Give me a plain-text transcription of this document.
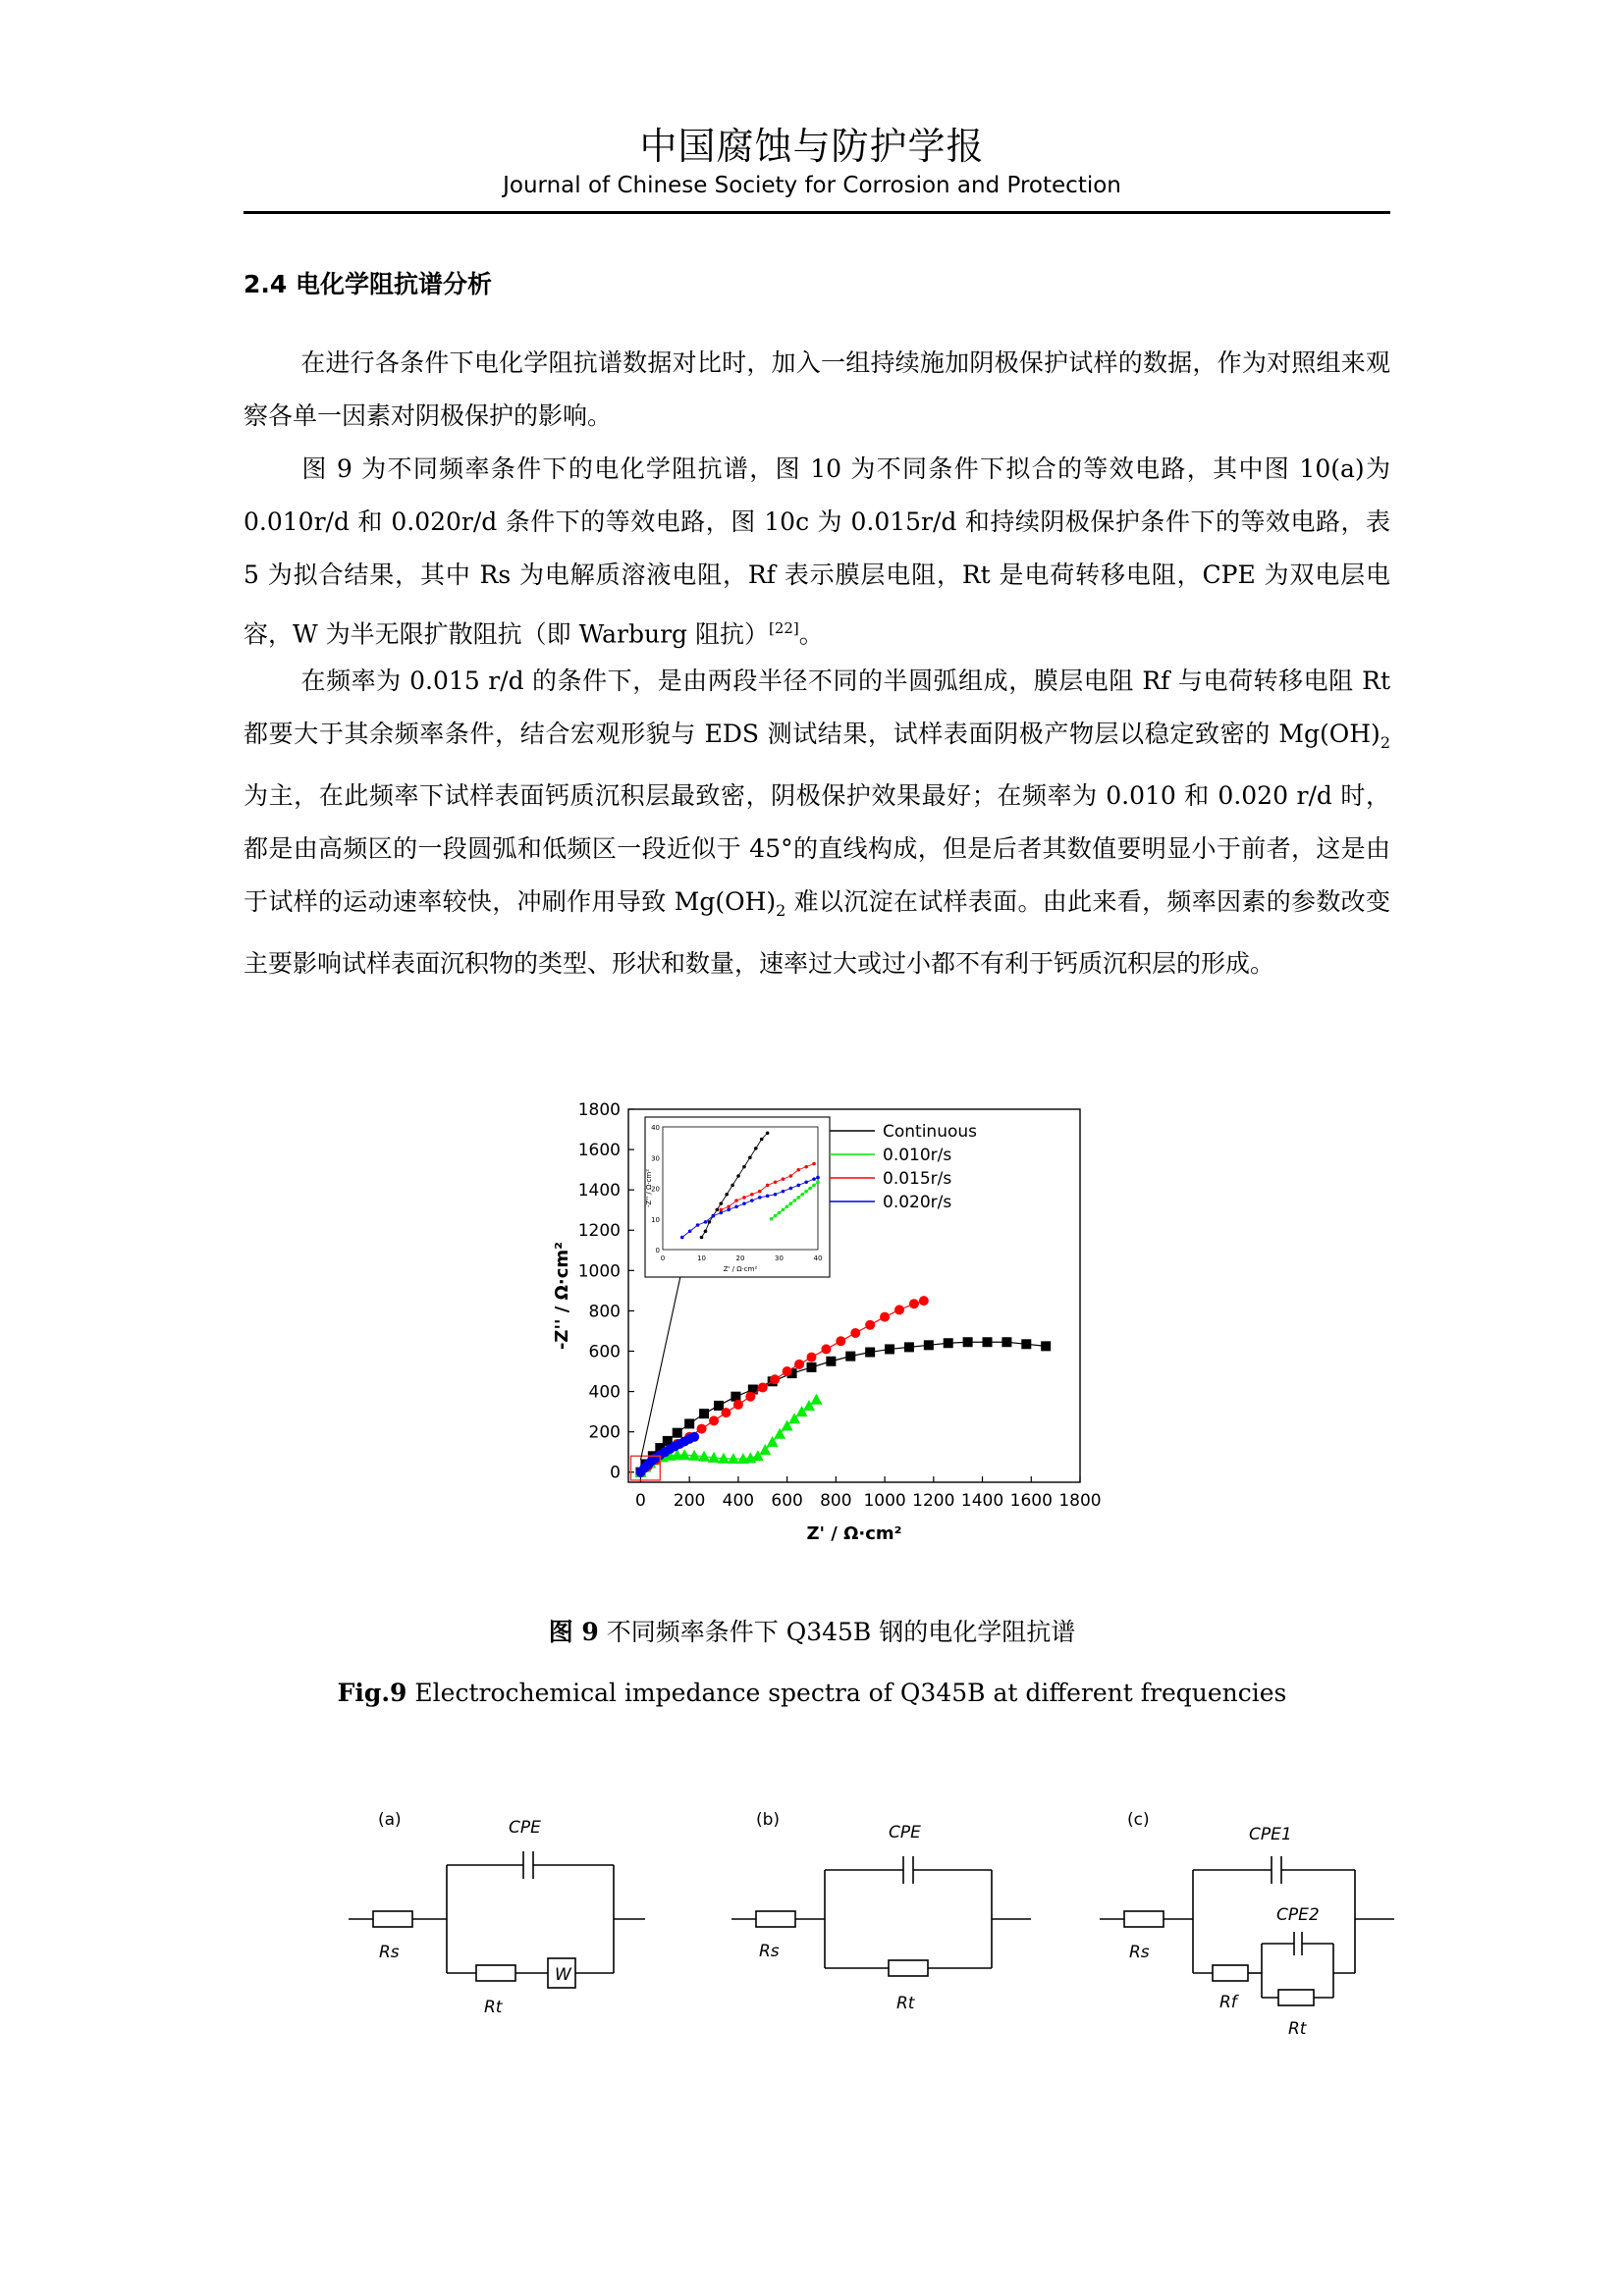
中国腐蚀与防护学报
Journal of Chinese Society for Corrosion and Protection
2.4 电化学阻抗谱分析
在进行各条件下电化学阻抗谱数据对比时，加入一组持续施加阴极保护试样的数据，作为对照组来观察各单一因素对阴极保护的影响。
图 9 为不同频率条件下的电化学阻抗谱，图 10 为不同条件下拟合的等效电路，其中图 10(a)为 0.010r/d 和 0.020r/d 条件下的等效电路，图 10c 为 0.015r/d 和持续阴极保护条件下的等效电路，表 5 为拟合结果，其中 Rs 为电解质溶液电阻，Rf 表示膜层电阻，Rt 是电荷转移电阻，CPE 为双电层电容，W 为半无限扩散阻抗（即 Warburg 阻抗）[22]。
在频率为 0.015 r/d 的条件下，是由两段半径不同的半圆弧组成，膜层电阻 Rf 与电荷转移电阻 Rt 都要大于其余频率条件，结合宏观形貌与 EDS 测试结果，试样表面阴极产物层以稳定致密的 $Mg(OH)_2$ 为主，在此频率下试样表面钙质沉积层最致密，阴极保护效果最好；在频率为 0.010 和 0.020 r/d 时，都是由高频区的一段圆弧和低频区一段近似于 45°的直线构成，但是后者其数值要明显小于前者，这是由于试样的运动速率较快，冲刷作用导致 $Mg(OH)_2$ 难以沉淀在试样表面。由此来看，频率因素的参数改变主要影响试样表面沉积物的类型、形状和数量，速率过大或过小都不有利于钙质沉积层的形成。
0 200 400 600 800 1000 1200 1400 1600 1800
0
200
400
600
800
1000
1200
1400
1600
1800
Z' / Ω·cm²
-Z'' / Ω·cm²	0	10	20	30	40
0
10
20
30
40
Z' / Ω·cm²
-Z'' / Ω·cm²
Continuous
0.010r/s
0.015r/s
0.020r/s
图 9 不同频率条件下 Q345B 钢的电化学阻抗谱
Fig.9 Electrochemical impedance spectra of Q345B at different frequencies
(a)	CPE
Rs
Rt
W
(b)
CPE
Rs
Rt
(c)
CPE1
CPE2
Rs
Rf
Rt
